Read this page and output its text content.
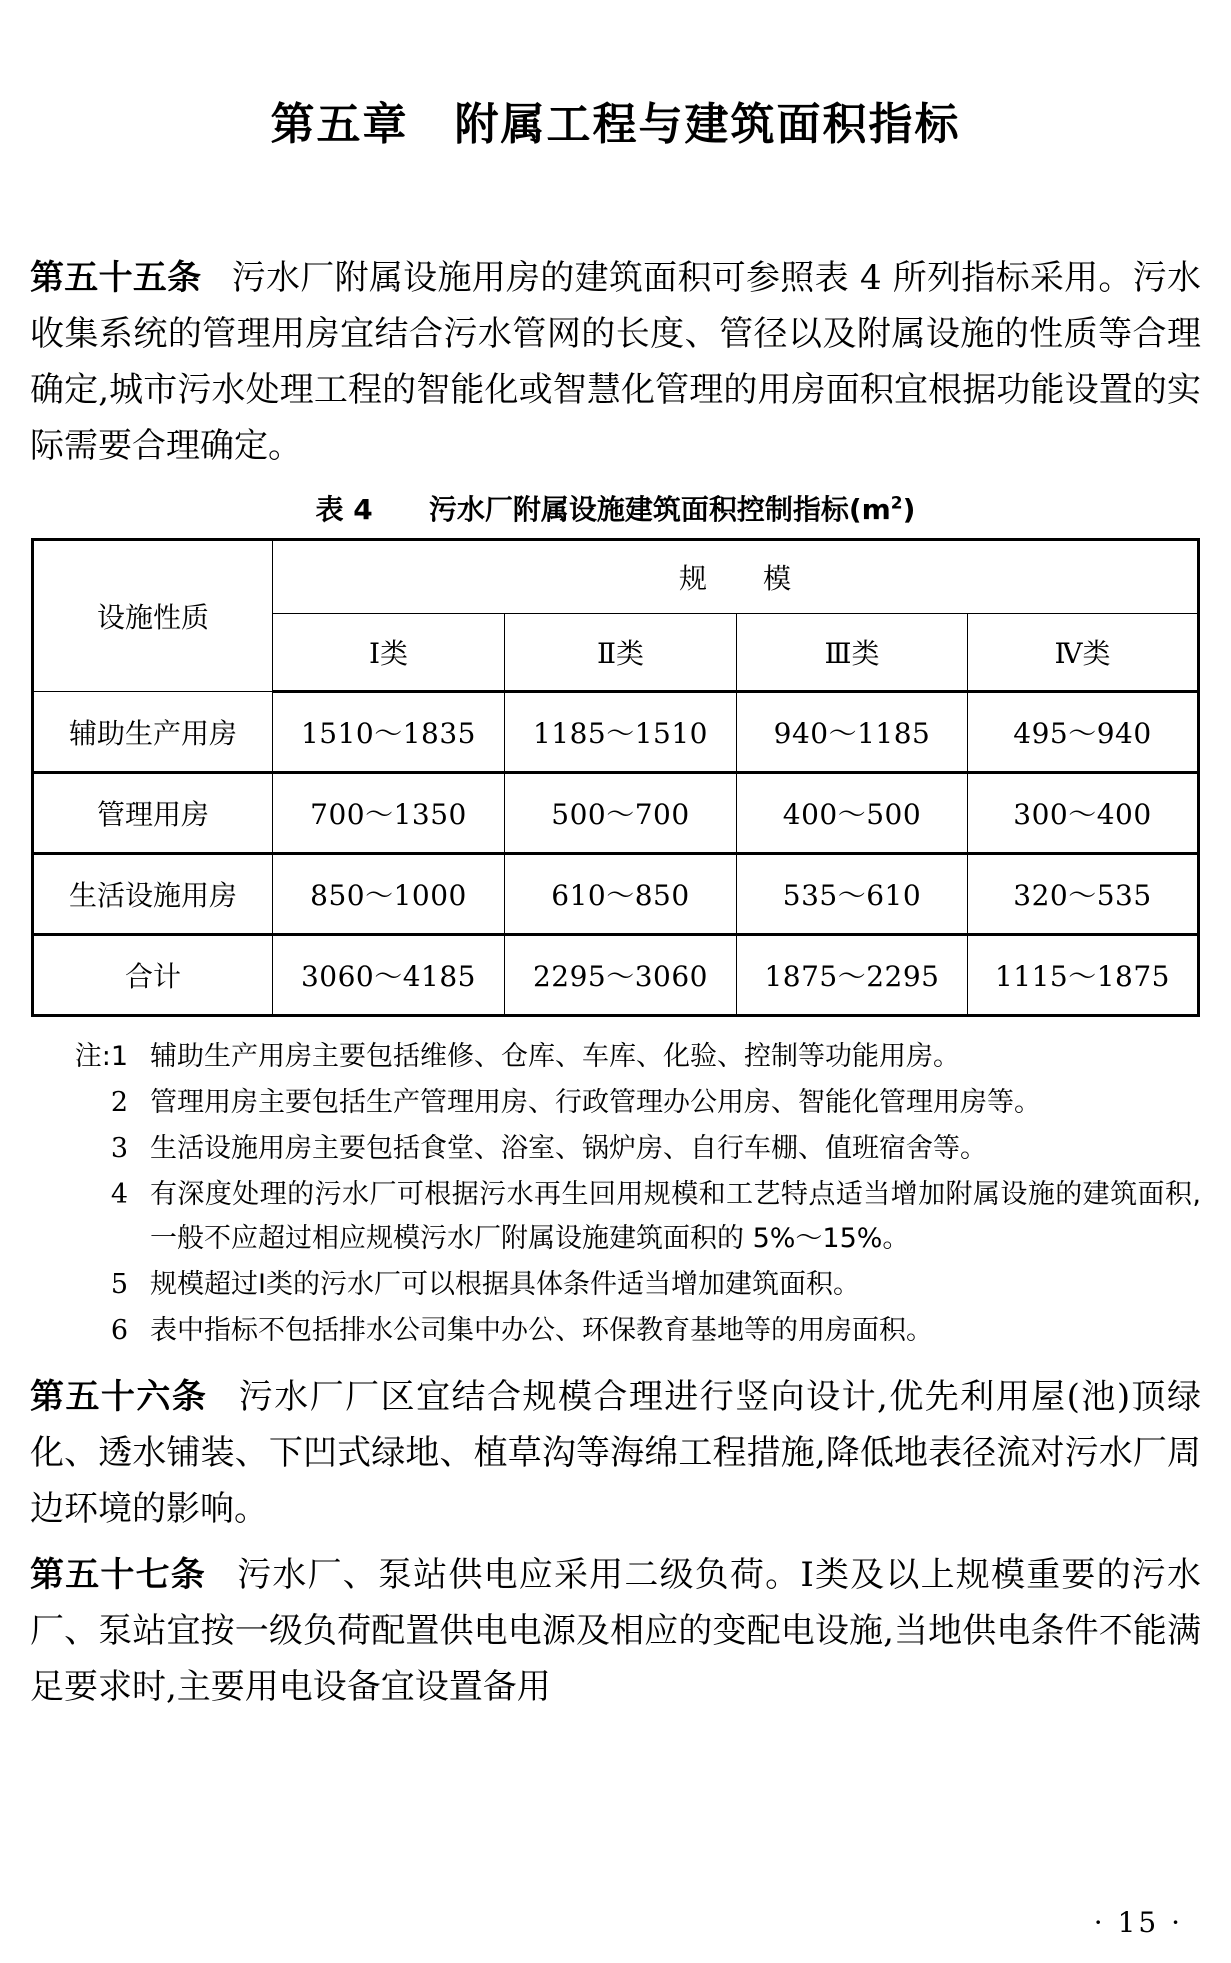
第五章　附属工程与建筑面积指标

第五十五条 污水厂附属设施用房的建筑面积可参照表 4 所列指标采用。污水收集系统的管理用房宜结合污水管网的长度、管径以及附属设施的性质等合理确定,城市污水处理工程的智能化或智慧化管理的用房面积宜根据功能设置的实际需要合理确定。

表 4　　 污水厂附属设施建筑面积控制指标$(m^2)$
设施性质	规　　模			
	Ⅰ类	Ⅱ类	Ⅲ类	Ⅳ类
辅助生产用房	1510～1835	1185～1510	940～1185	495～940
管理用房	700～1350	500～700	400～500	300～400
生活设施用房	850～1000	610～850	535～610	320～535
合计	3060～4185	2295～3060	1875～2295	1115～1875
注:1 辅助生产用房主要包括维修、仓库、车库、化验、控制等功能用房。
2 管理用房主要包括生产管理用房、行政管理办公用房、智能化管理用房等。
3 生活设施用房主要包括食堂、浴室、锅炉房、自行车棚、值班宿舍等。
4 有深度处理的污水厂可根据污水再生回用规模和工艺特点适当增加附属设施的建筑面积,一般不应超过相应规模污水厂附属设施建筑面积的 5%～15%。
5 规模超过Ⅰ类的污水厂可以根据具体条件适当增加建筑面积。
6 表中指标不包括排水公司集中办公、环保教育基地等的用房面积。

第五十六条 污水厂厂区宜结合规模合理进行竖向设计,优先利用屋(池)顶绿化、透水铺装、下凹式绿地、植草沟等海绵工程措施,降低地表径流对污水厂周边环境的影响。

第五十七条 污水厂、泵站供电应采用二级负荷。Ⅰ类及以上规模重要的污水厂、泵站宜按一级负荷配置供电电源及相应的变配电设施,当地供电条件不能满足要求时,主要用电设备宜设置备用

· 15 ·
